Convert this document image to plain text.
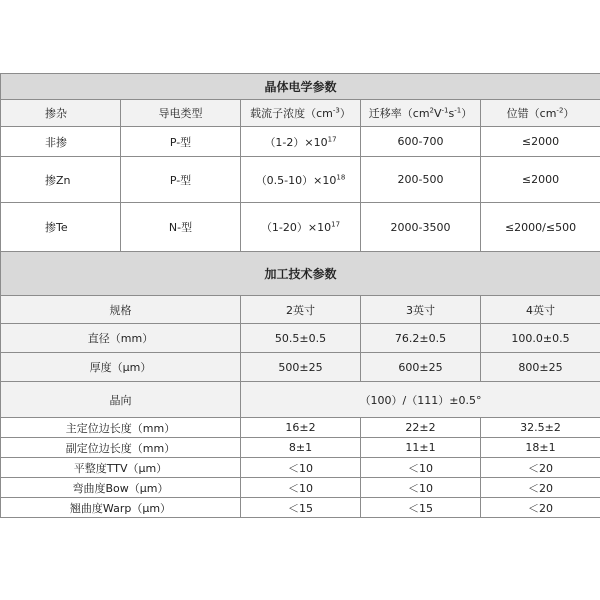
晶体电学参数				
掺杂	导电类型	载流子浓度$(cm^{-3})$	迁移率$(cm^2V^{-1}s^{-1})$	位错$(cm^{-2})$
非掺	P-型	$(1-2)\times 10^{17}$	600-700	≤2000
掺Zn	P-型	$(0.5-10)\times 10^{18}$	200-500	≤2000
掺Te	N-型	$(1-20)\times 10^{17}$	2000-3500	≤2000/≤500
加工技术参数				
规格		2英寸	3英寸	4英寸
直径（mm）		50.5±0.5	76.2±0.5	100.0±0.5
厚度（μm）		500±25	600±25	800±25
晶向		（100）/（111）±0.5°		
主定位边长度（mm）		16±2	22±2	32.5±2
副定位边长度（mm）		8±1	11±1	18±1
平整度TTV（μm）		＜10	＜10	＜20
弯曲度Bow（μm）		＜10	＜10	＜20
翘曲度Warp（μm）		＜15	＜15	＜20
